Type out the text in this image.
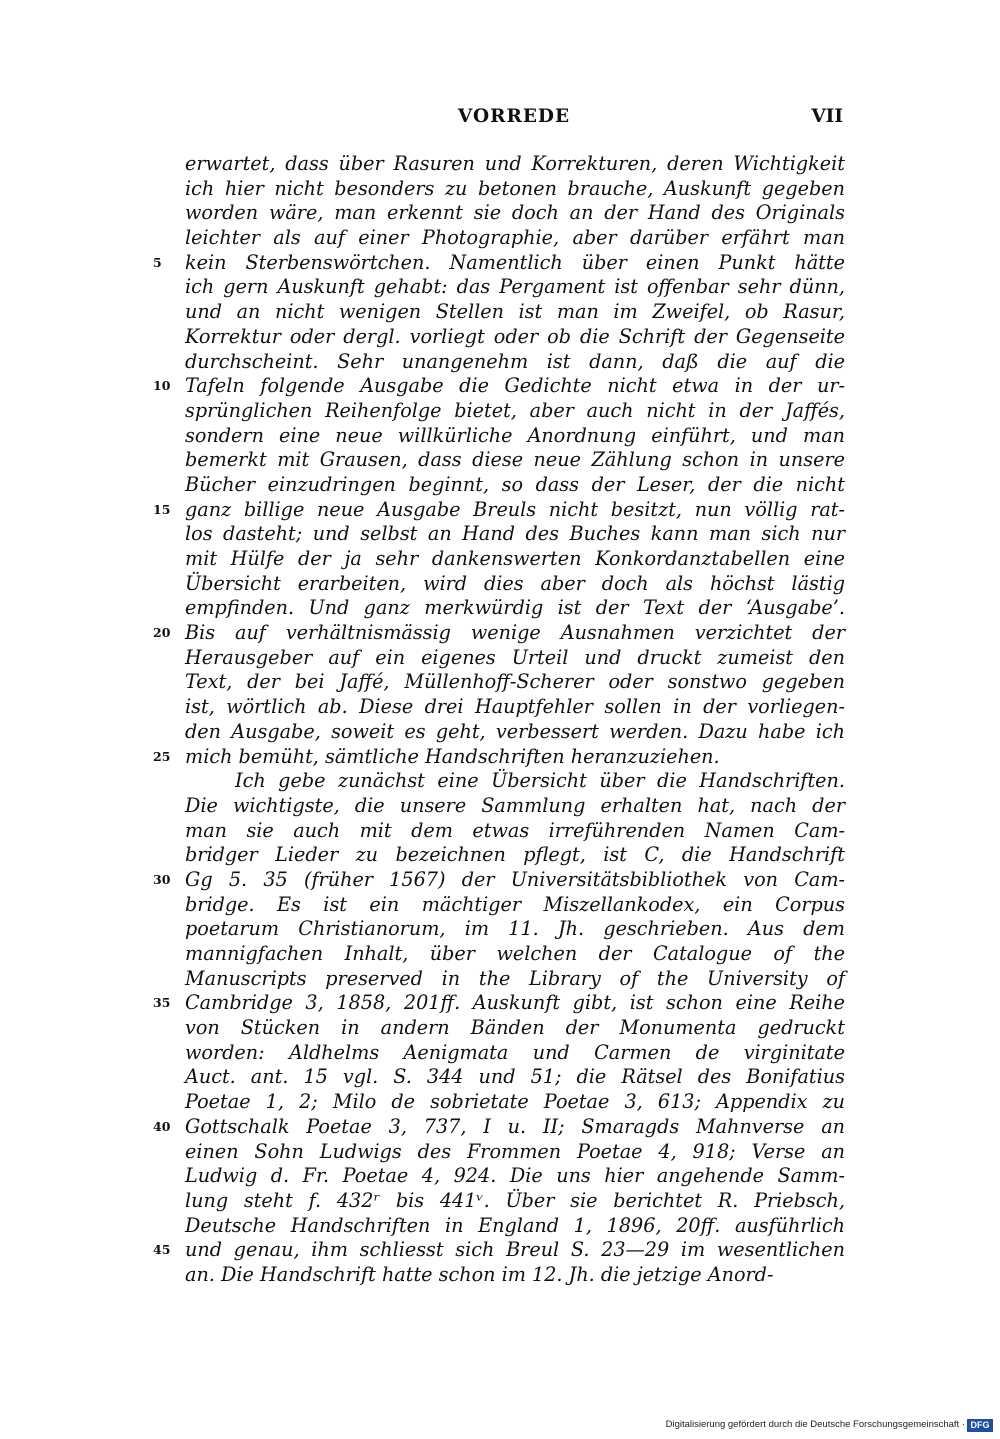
VORREDE	VII
erwartet, dass über Rasuren und Korrekturen, deren Wichtigkeit
ich hier nicht besonders zu betonen brauche, Auskunft gegeben
worden wäre, man erkennt sie doch an der Hand des Originals
leichter als auf einer Photographie, aber darüber erfährt man
5	kein Sterbenswörtchen. Namentlich über einen Punkt hätte
ich gern Auskunft gehabt: das Pergament ist offenbar sehr dünn,
und an nicht wenigen Stellen ist man im Zweifel, ob Rasur,
Korrektur oder dergl. vorliegt oder ob die Schrift der Gegenseite
durchscheint. Sehr unangenehm ist dann, daß die auf die
10 Tafeln folgende Ausgabe die Gedichte nicht etwa in der ur-
sprünglichen Reihenfolge bietet, aber auch nicht in der Jaffés,
sondern eine neue willkürliche Anordnung einführt, und man
bemerkt mit Grausen, dass diese neue Zählung schon in unsere
Bücher einzudringen beginnt, so dass der Leser, der die nicht
15 ganz billige neue Ausgabe Breuls nicht besitzt, nun völlig rat-
los dasteht; und selbst an Hand des Buches kann man sich nur
mit Hülfe der ja sehr dankenswerten Konkordanztabellen eine
Übersicht erarbeiten, wird dies aber doch als höchst lästig
empfinden. Und ganz merkwürdig ist der Text der ‘Ausgabe’.
20 Bis auf verhältnismässig wenige Ausnahmen verzichtet der
Herausgeber auf ein eigenes Urteil und druckt zumeist den
Text, der bei Jaffé, Müllenhoff-Scherer oder sonstwo gegeben
ist, wörtlich ab. Diese drei Hauptfehler sollen in der vorliegen-
den Ausgabe, soweit es geht, verbessert werden. Dazu habe ich
25 mich bemüht, sämtliche Handschriften heranzuziehen.
Ich gebe zunächst eine Übersicht über die Handschriften.
Die wichtigste, die unsere Sammlung erhalten hat, nach der
man sie auch mit dem etwas irreführenden Namen Cam-
bridger Lieder zu bezeichnen pflegt, ist C, die Handschrift
30 Gg 5. 35 (früher 1567) der Universitätsbibliothek von Cam-
bridge. Es ist ein mächtiger Miszellankodex, ein Corpus
poetarum Christianorum, im 11. Jh. geschrieben. Aus dem
mannigfachen Inhalt, über welchen der Catalogue of the
Manuscripts preserved in the Library of the University of
35 Cambridge 3, 1858, 201ff. Auskunft gibt, ist schon eine Reihe
von Stücken in andern Bänden der Monumenta gedruckt
worden: Aldhelms Aenigmata und Carmen de virginitate
Auct. ant. 15 vgl. S. 344 und 51; die Rätsel des Bonifatius
Poetae 1, 2; Milo de sobrietate Poetae 3, 613; Appendix zu
40 Gottschalk Poetae 3, 737, I u. II; Smaragds Mahnverse an
einen Sohn Ludwigs des Frommen Poetae 4, 918; Verse an
Ludwig d. Fr. Poetae 4, 924. Die uns hier angehende Samm-
lung steht f. 432ʳ bis 441ᵛ. Über sie berichtet R. Priebsch,
Deutsche Handschriften in England 1, 1896, 20ff. ausführlich
45 und genau, ihm schliesst sich Breul S. 23—29 im wesentlichen
an. Die Handschrift hatte schon im 12. Jh. die jetzige Anord-
Digitalisierung gefördert durch die Deutsche Forschungsgemeinschaft · DFG
